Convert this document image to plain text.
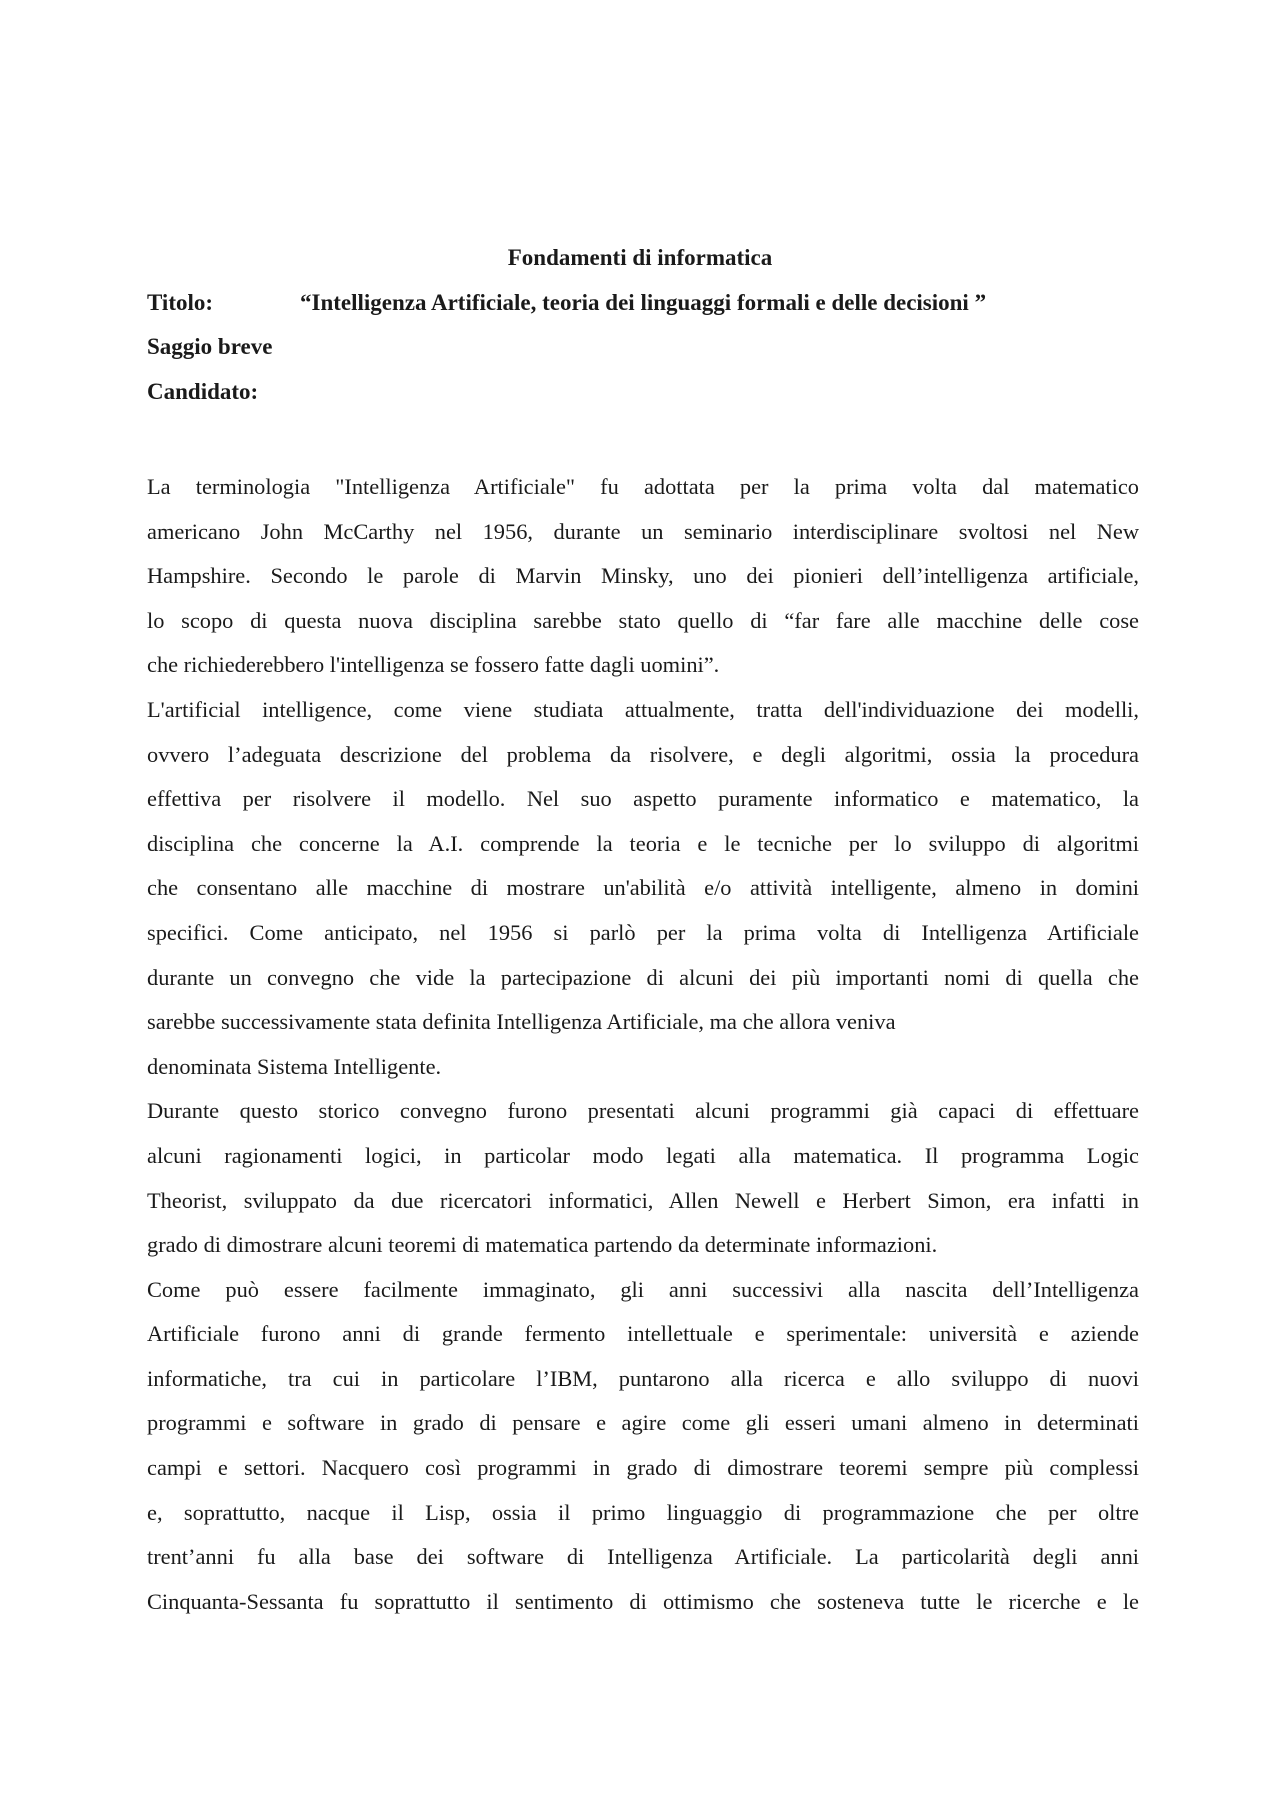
Fondamenti di informatica
Titolo:	“Intelligenza Artificiale, teoria dei linguaggi formali e delle decisioni ”
Saggio breve
Candidato:
La terminologia "Intelligenza Artificiale" fu adottata per la prima volta dal matematico
americano John McCarthy nel 1956, durante un seminario interdisciplinare svoltosi nel New
Hampshire. Secondo le parole di Marvin Minsky, uno dei pionieri dell’intelligenza artificiale,
lo scopo di questa nuova disciplina sarebbe stato quello di “far fare alle macchine delle cose
che richiederebbero l'intelligenza se fossero fatte dagli uomini”.
L'artificial intelligence, come viene studiata attualmente, tratta dell'individuazione dei modelli,
ovvero l’adeguata descrizione del problema da risolvere, e degli algoritmi, ossia la procedura
effettiva per risolvere il modello. Nel suo aspetto puramente informatico e matematico, la
disciplina che concerne la A.I. comprende la teoria e le tecniche per lo sviluppo di algoritmi
che consentano alle macchine di mostrare un'abilità e/o attività intelligente, almeno in domini
specifici. Come anticipato, nel 1956 si parlò per la prima volta di Intelligenza Artificiale
durante un convegno che vide la partecipazione di alcuni dei più importanti nomi di quella che
sarebbe successivamente stata definita Intelligenza Artificiale, ma che allora veniva
denominata Sistema Intelligente.
Durante questo storico convegno furono presentati alcuni programmi già capaci di effettuare
alcuni ragionamenti logici, in particolar modo legati alla matematica. Il programma Logic
Theorist, sviluppato da due ricercatori informatici, Allen Newell e Herbert Simon, era infatti in
grado di dimostrare alcuni teoremi di matematica partendo da determinate informazioni.
Come può essere facilmente immaginato, gli anni successivi alla nascita dell’Intelligenza
Artificiale furono anni di grande fermento intellettuale e sperimentale: università e aziende
informatiche, tra cui in particolare l’IBM, puntarono alla ricerca e allo sviluppo di nuovi
programmi e software in grado di pensare e agire come gli esseri umani almeno in determinati
campi e settori. Nacquero così programmi in grado di dimostrare teoremi sempre più complessi
e, soprattutto, nacque il Lisp, ossia il primo linguaggio di programmazione che per oltre
trent’anni fu alla base dei software di Intelligenza Artificiale. La particolarità degli anni
Cinquanta-Sessanta fu soprattutto il sentimento di ottimismo che sosteneva tutte le ricerche e le
